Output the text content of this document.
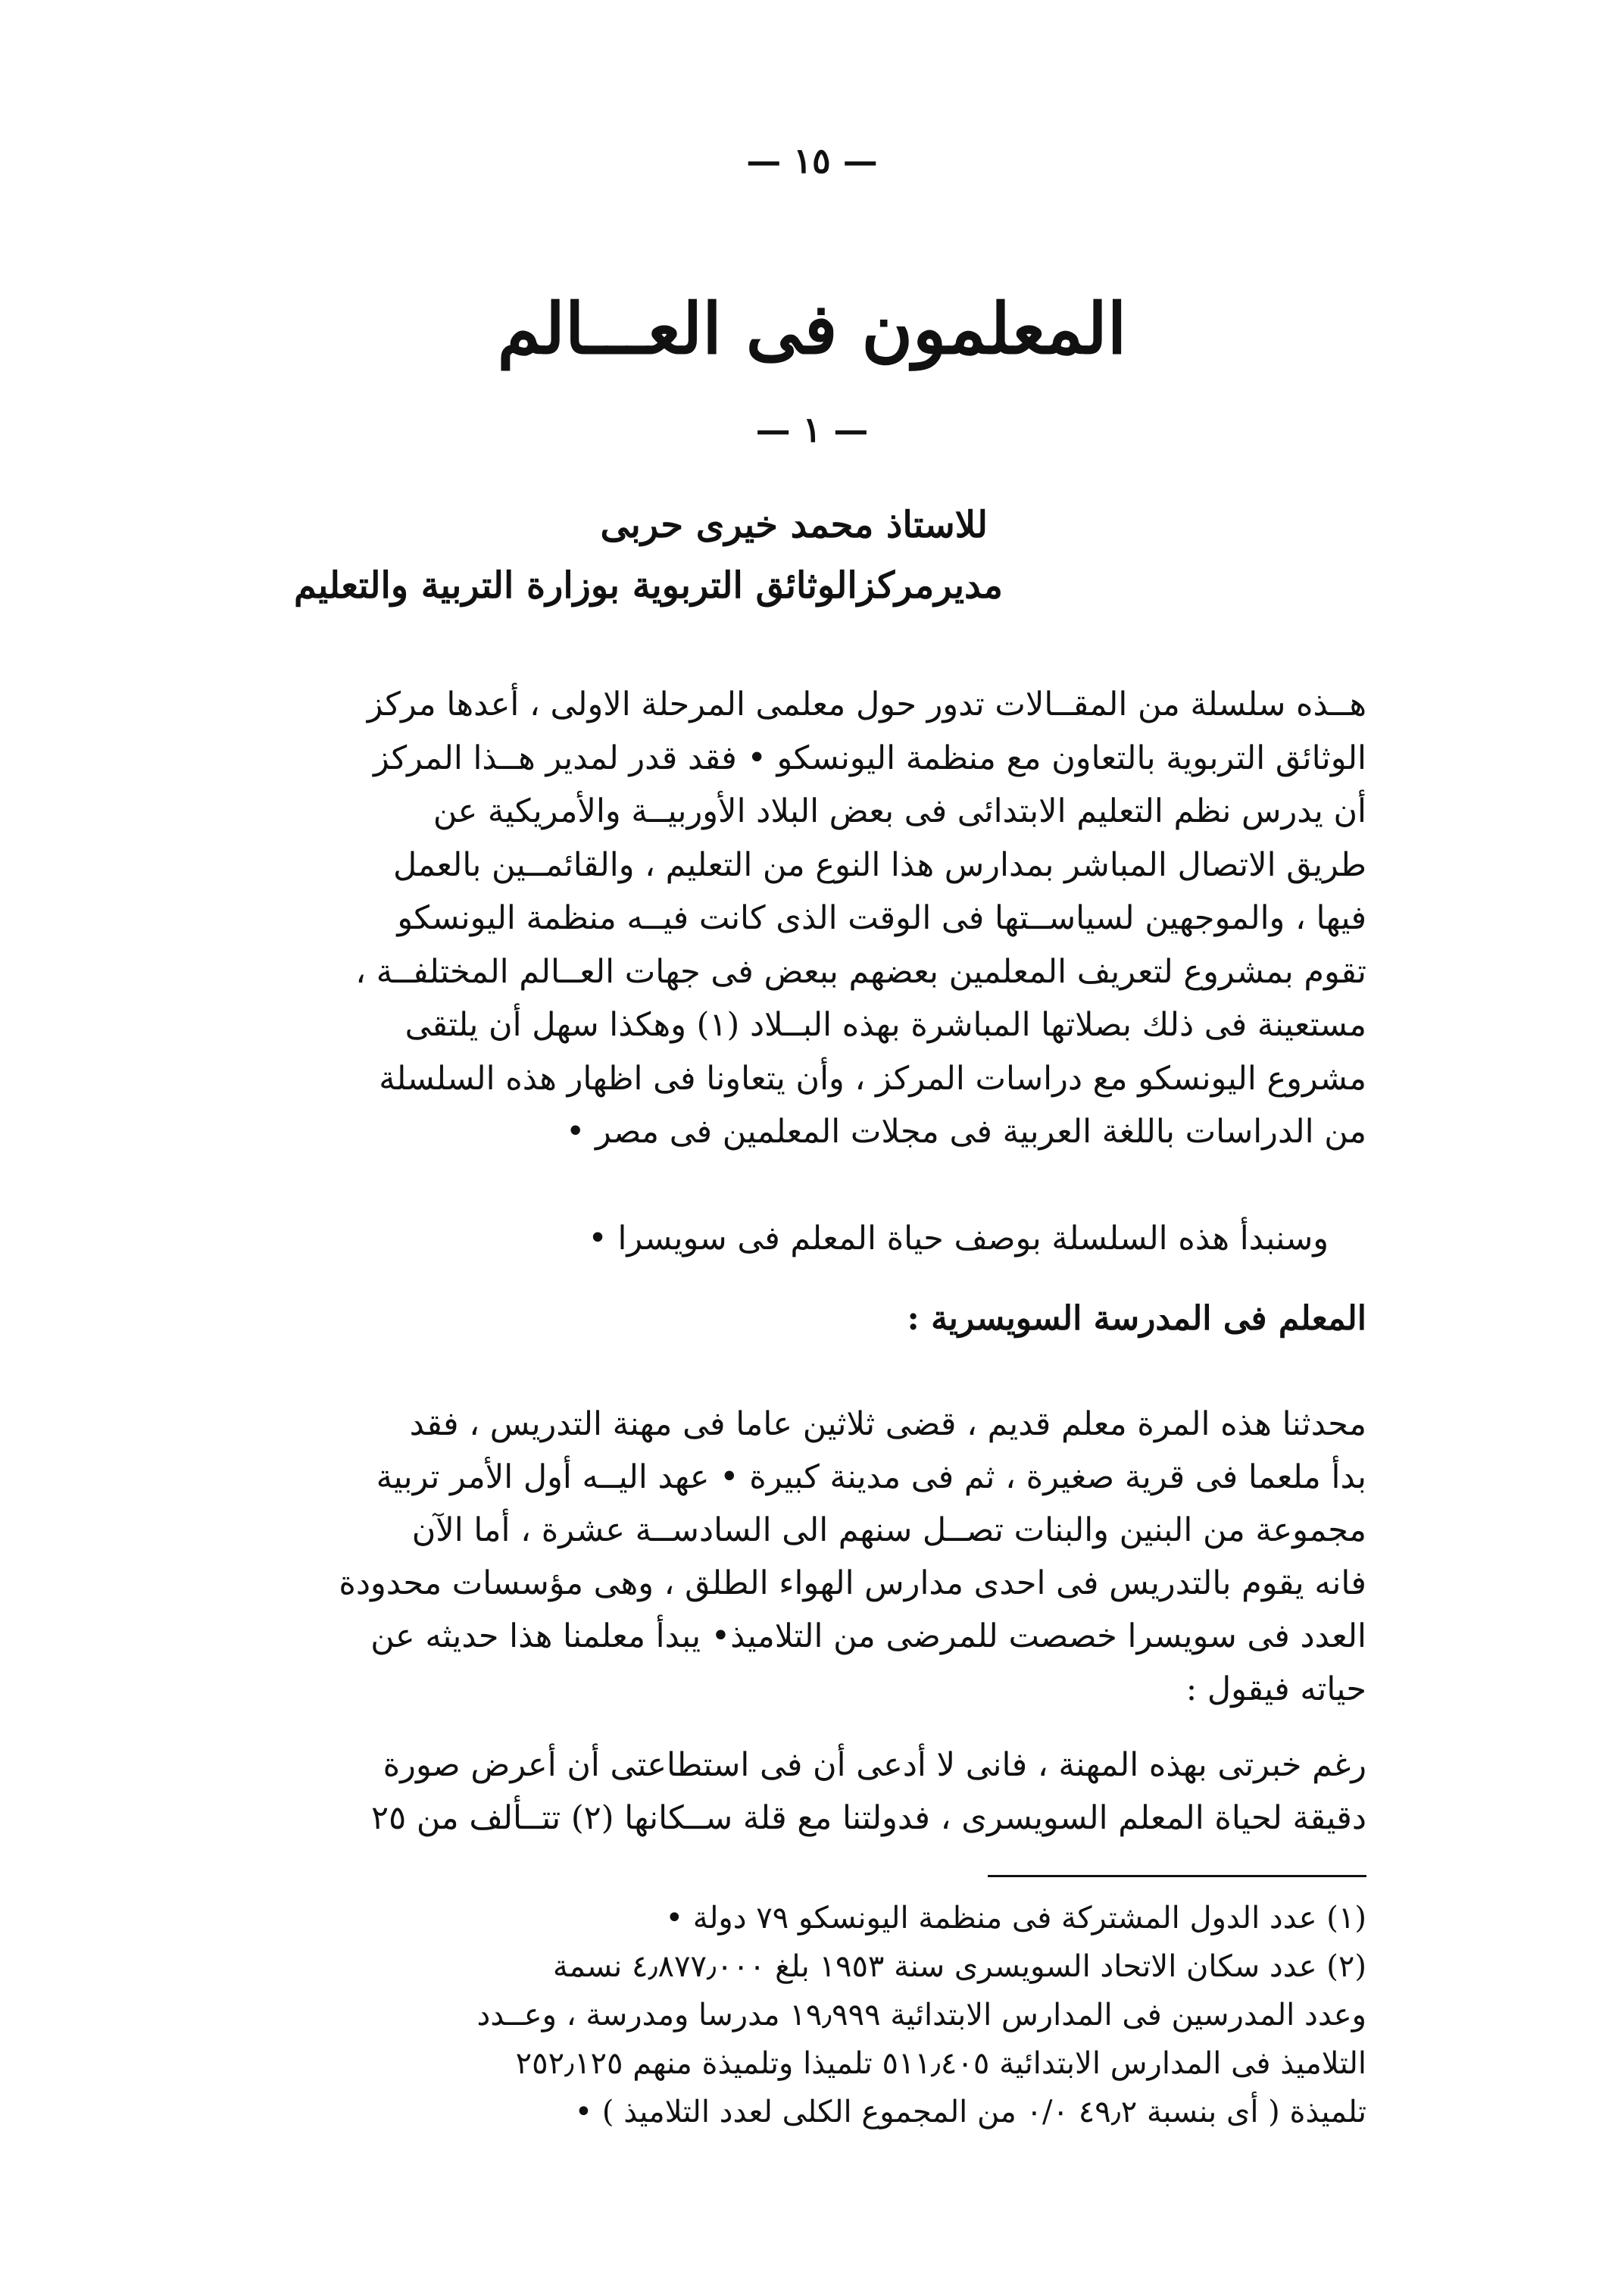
— ١٥ —
المعلمون فى العـــالم
— ١ —
للاستاذ محمد خيرى حربى
مديرمركزالوثائق التربوية بوزارة التربية والتعليم
هــذه سلسلة من المقــالات تدور حول معلمى المرحلة الاولى ، أعدها مركز
الوثائق التربوية بالتعاون مع منظمة اليونسكو • فقد قدر لمدير هــذا المركز
أن يدرس نظم التعليم الابتدائى فى بعض البلاد الأوربيــة والأمريكية عن
طريق الاتصال المباشر بمدارس هذا النوع من التعليم ، والقائمــين بالعمل
فيها ، والموجهين لسياســتها فى الوقت الذى كانت فيــه منظمة اليونسكو
تقوم بمشروع لتعريف المعلمين بعضهم ببعض فى جهات العــالم المختلفــة ،
مستعينة فى ذلك بصلاتها المباشرة بهذه البــلاد (١) وهكذا سهل أن يلتقى
مشروع اليونسكو مع دراسات المركز ، وأن يتعاونا فى اظهار هذه السلسلة
من الدراسات باللغة العربية فى مجلات المعلمين فى مصر •
وسنبدأ هذه السلسلة بوصف حياة المعلم فى سويسرا •
المعلم فى المدرسة السويسرية :
محدثنا هذه المرة معلم قديم ، قضى ثلاثين عاما فى مهنة التدريس ، فقد
بدأ ملعما فى قرية صغيرة ، ثم فى مدينة كبيرة • عهد اليــه أول الأمر تربية
مجموعة من البنين والبنات تصــل سنهم الى السادســة عشرة ، أما الآن
فانه يقوم بالتدريس فى احدى مدارس الهواء الطلق ، وهى مؤسسات محدودة
العدد فى سويسرا خصصت للمرضى من التلاميذ• يبدأ معلمنا هذا حديثه عن
حياته فيقول :
رغم خبرتى بهذه المهنة ، فانى لا أدعى أن فى استطاعتى أن أعرض صورة
دقيقة لحياة المعلم السويسرى ، فدولتنا مع قلة ســكانها (٢) تتــألف من ٢٥
(١) عدد الدول المشتركة فى منظمة اليونسكو ٧٩ دولة •
(٢) عدد سكان الاتحاد السويسرى سنة ١٩٥٣ بلغ ٤٫٨٧٧٫٠٠٠ نسمة
وعدد المدرسين فى المدارس الابتدائية ١٩٫٩٩٩ مدرسا ومدرسة ، وعــدد
التلاميذ فى المدارس الابتدائية ٥١١٫٤٠٥ تلميذا وتلميذة منهم ٢٥٢٫١٢٥
تلميذة ( أى بنسبة ٤٩٫٢ ٠/٠ من المجموع الكلى لعدد التلاميذ ) •
